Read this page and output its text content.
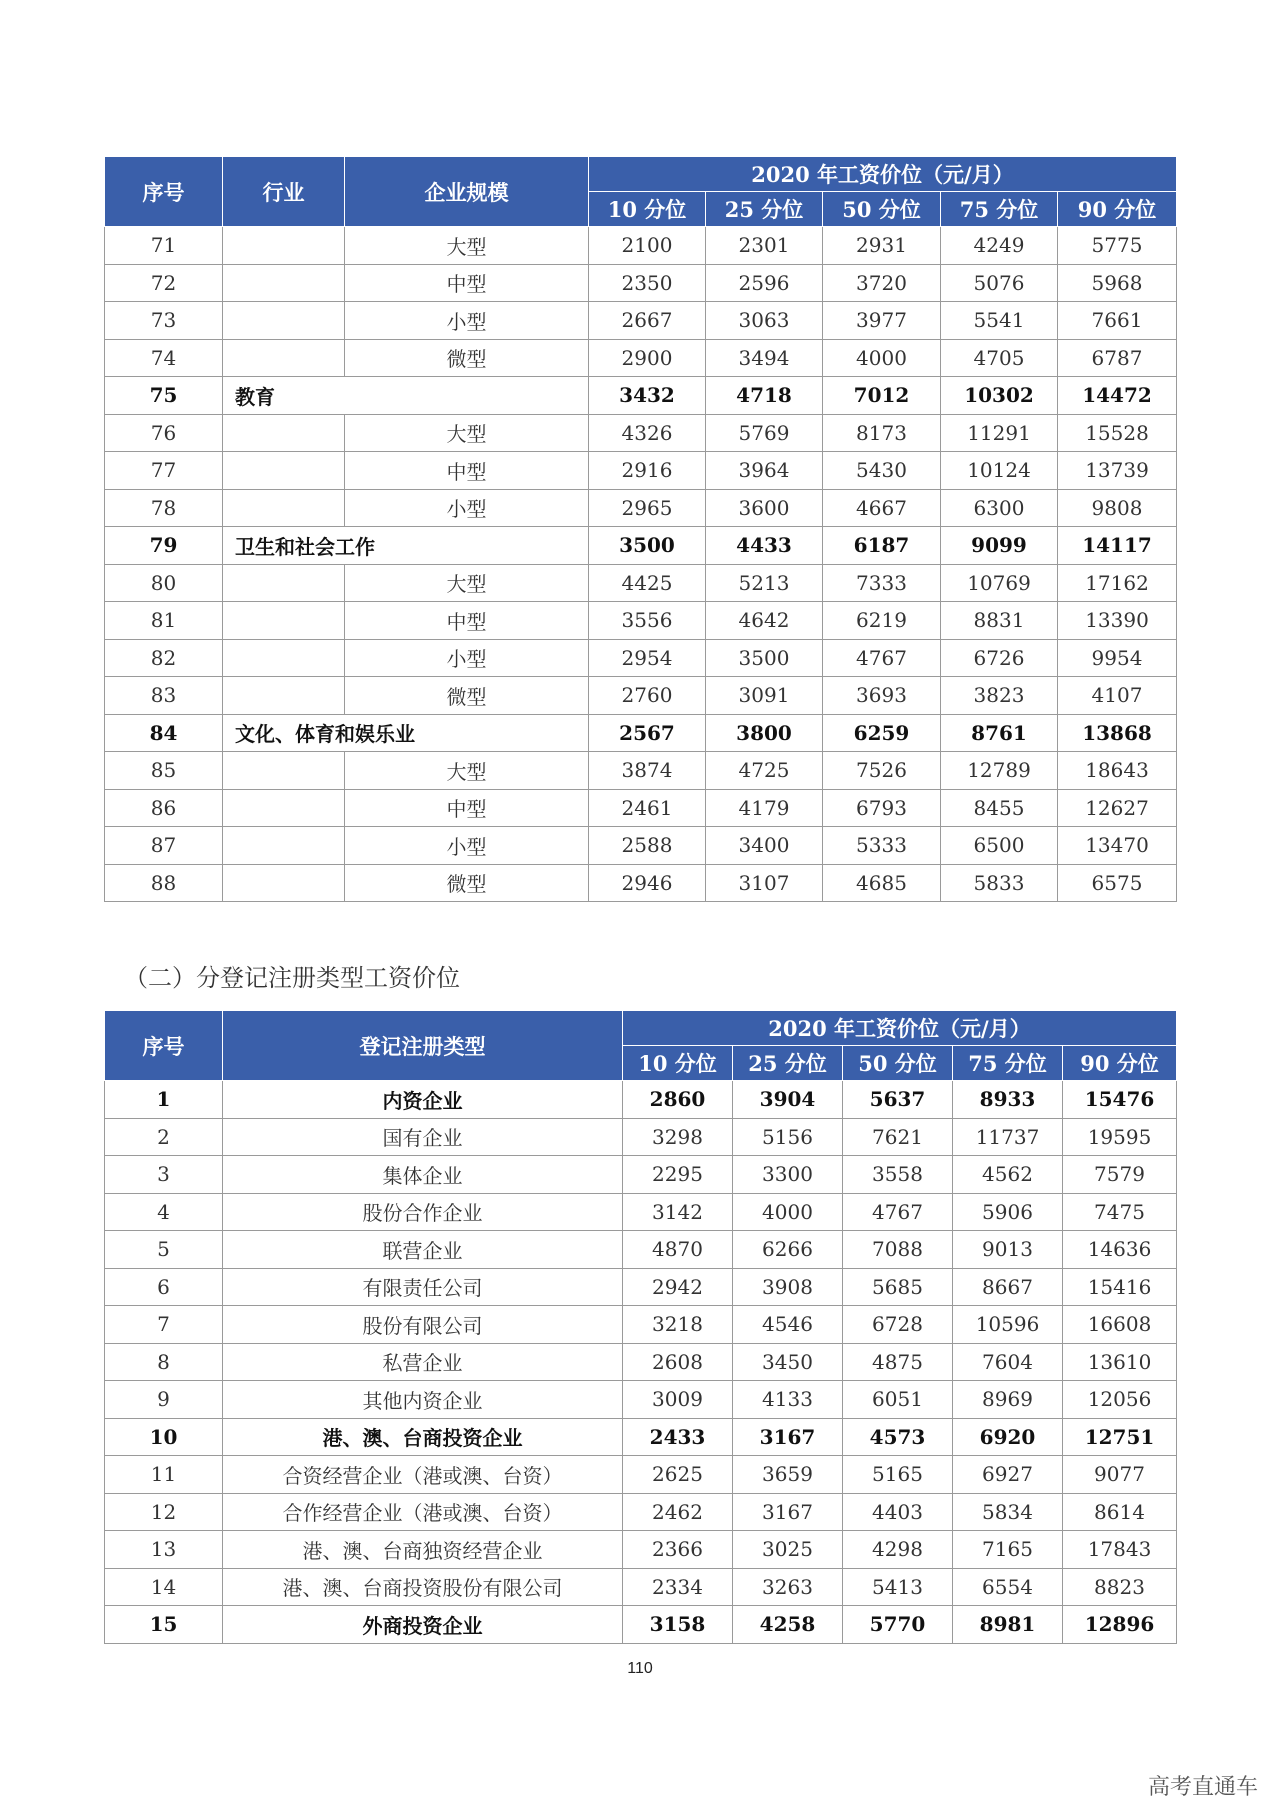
序号	行业	企业规模	2020 年工资价位（元/月）				
			10 分位	25 分位	50 分位	75 分位	90 分位
71		大型	2100	2301	2931	4249	5775
72		中型	2350	2596	3720	5076	5968
73		小型	2667	3063	3977	5541	7661
74		微型	2900	3494	4000	4705	6787
75	教育		3432	4718	7012	10302	14472
76		大型	4326	5769	8173	11291	15528
77		中型	2916	3964	5430	10124	13739
78		小型	2965	3600	4667	6300	9808
79	卫生和社会工作		3500	4433	6187	9099	14117
80		大型	4425	5213	7333	10769	17162
81		中型	3556	4642	6219	8831	13390
82		小型	2954	3500	4767	6726	9954
83		微型	2760	3091	3693	3823	4107
84	文化、体育和娱乐业		2567	3800	6259	8761	13868
85		大型	3874	4725	7526	12789	18643
86		中型	2461	4179	6793	8455	12627
87		小型	2588	3400	5333	6500	13470
88		微型	2946	3107	4685	5833	6575
（二）分登记注册类型工资价位
序号	登记注册类型	2020 年工资价位（元/月）				
		10 分位	25 分位	50 分位	75 分位	90 分位
1	内资企业	2860	3904	5637	8933	15476
2	国有企业	3298	5156	7621	11737	19595
3	集体企业	2295	3300	3558	4562	7579
4	股份合作企业	3142	4000	4767	5906	7475
5	联营企业	4870	6266	7088	9013	14636
6	有限责任公司	2942	3908	5685	8667	15416
7	股份有限公司	3218	4546	6728	10596	16608
8	私营企业	2608	3450	4875	7604	13610
9	其他内资企业	3009	4133	6051	8969	12056
10	港、澳、台商投资企业	2433	3167	4573	6920	12751
11	合资经营企业（港或澳、台资）	2625	3659	5165	6927	9077
12	合作经营企业（港或澳、台资）	2462	3167	4403	5834	8614
13	港、澳、台商独资经营企业	2366	3025	4298	7165	17843
14	港、澳、台商投资股份有限公司	2334	3263	5413	6554	8823
15	外商投资企业	3158	4258	5770	8981	12896
110
高考直通车
